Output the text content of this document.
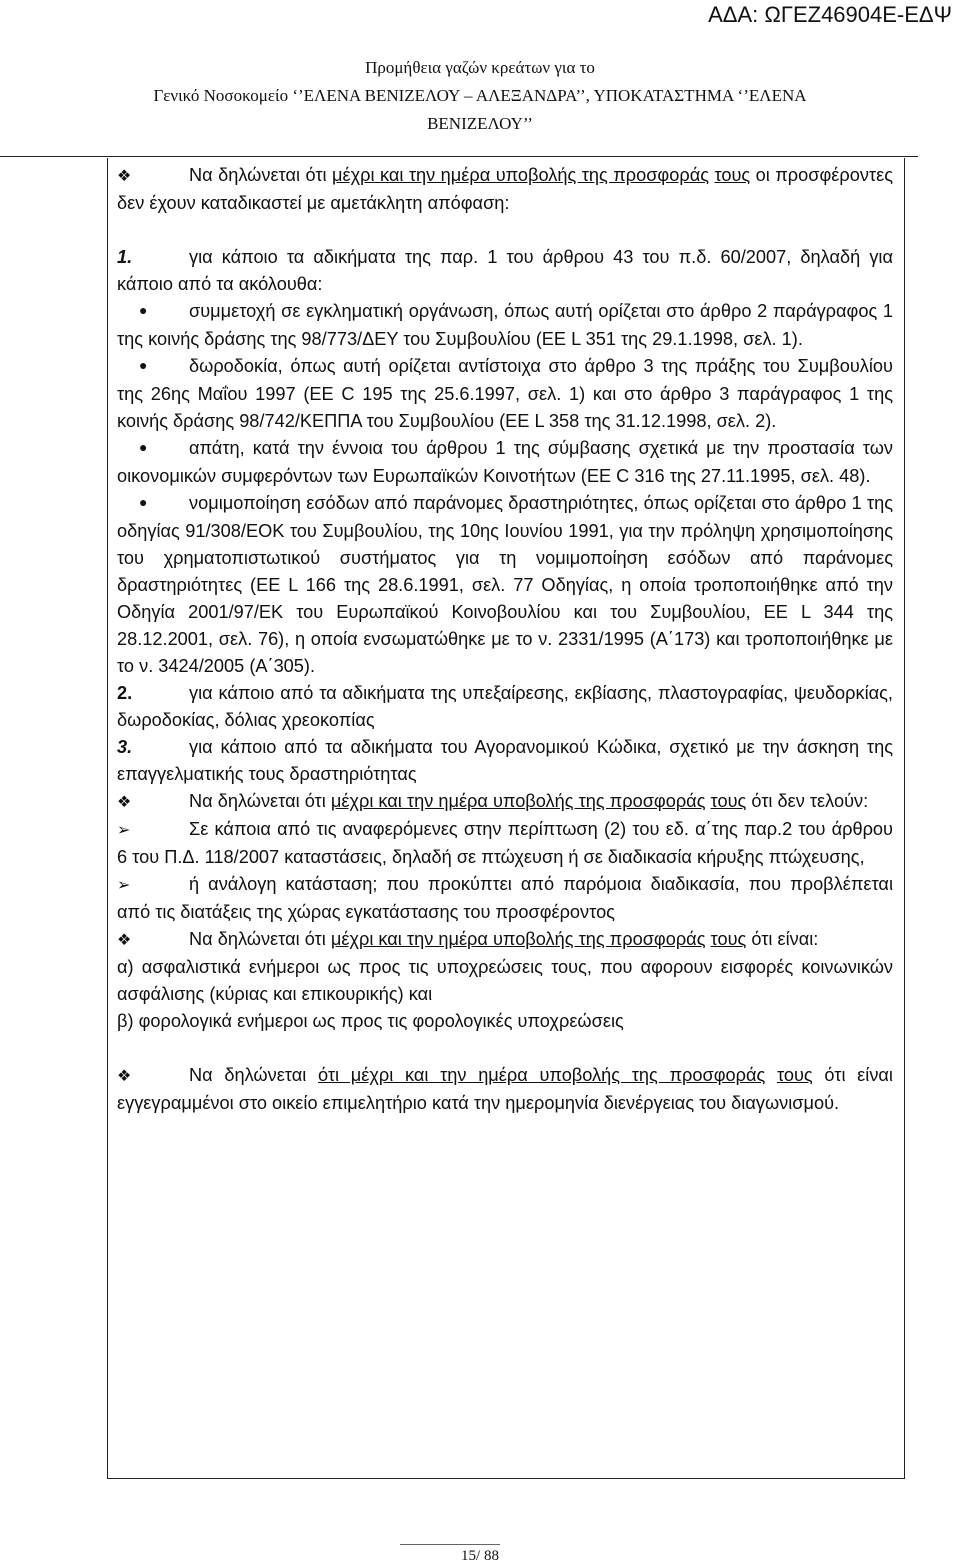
ΑΔΑ: ΩΓΕΖ46904Ε-ΕΔΨ
Προμήθεια γαζών κρεάτων για το
Γενικό Νοσοκομείο ‘’ΕΛΕΝΑ ΒΕΝΙΖΕΛΟΥ – ΑΛΕΞΑΝΔΡΑ’’, ΥΠΟΚΑΤΑΣΤΗΜΑ ‘’ΕΛΕΝΑ
ΒΕΝΙΖΕΛΟΥ’’

❖	Να δηλώνεται ότι μέχρι και την ημέρα υποβολής της προσφοράς τους οι προσφέροντες δεν έχουν καταδικαστεί με αμετάκλητη απόφαση:

1.	για κάποιο τα αδικήματα της παρ. 1 του άρθρου 43 του π.δ. 60/2007, δηλαδή για κάποιο από τα ακόλουθα:

● συμμετοχή σε εγκληματική οργάνωση, όπως αυτή ορίζεται στο άρθρο 2 παράγραφος 1 της κοινής δράσης της 98/773/ΔΕΥ του Συμβουλίου (ΕΕ L 351 της 29.1.1998, σελ. 1).

● δωροδοκία, όπως αυτή ορίζεται αντίστοιχα στο άρθρο 3 της πράξης του Συμβουλίου της 26ης Μαΐου 1997 (ΕΕ C 195 της 25.6.1997, σελ. 1) και στο άρθρο 3 παράγραφος 1 της κοινής δράσης 98/742/ΚΕΠΠΑ του Συμβουλίου (ΕΕ L 358 της 31.12.1998, σελ. 2).

● απάτη, κατά την έννοια του άρθρου 1 της σύμβασης σχετικά με την προστασία των οικονομικών συμφερόντων των Ευρωπαϊκών Κοινοτήτων (ΕΕ C 316 της 27.11.1995, σελ. 48).

● νομιμοποίηση εσόδων από παράνομες δραστηριότητες, όπως ορίζεται στο άρθρο 1 της οδηγίας 91/308/ΕΟΚ του Συμβουλίου, της 10ης Ιουνίου 1991, για την πρόληψη χρησιμοποίησης του χρηματοπιστωτικού συστήματος για τη νομιμοποίηση εσόδων από παράνομες δραστηριότητες (ΕΕ L 166 της 28.6.1991, σελ. 77 Οδηγίας, η οποία τροποποιήθηκε από την Οδηγία 2001/97/ΕΚ του Ευρωπαϊκού Κοινοβουλίου και του Συμβουλίου, ΕΕ L 344 της 28.12.2001, σελ. 76), η οποία ενσωματώθηκε με το ν. 2331/1995 (Α΄173) και τροποποιήθηκε με το ν. 3424/2005 (Α΄305).

2.	για κάποιο από τα αδικήματα της υπεξαίρεσης, εκβίασης, πλαστογραφίας, ψευδορκίας, δωροδοκίας, δόλιας χρεοκοπίας

3.	για κάποιο από τα αδικήματα του Αγορανομικού Κώδικα, σχετικό με την άσκηση της επαγγελματικής τους δραστηριότητας

❖	Να δηλώνεται ότι μέχρι και την ημέρα υποβολής της προσφοράς τους ότι δεν τελούν:

➢	Σε κάποια από τις αναφερόμενες στην περίπτωση (2) του εδ. α΄της παρ.2 του άρθρου 6 του Π.Δ. 118/2007 καταστάσεις, δηλαδή σε πτώχευση ή σε διαδικασία κήρυξης πτώχευσης,

➢	ή ανάλογη κατάσταση; που προκύπτει από παρόμοια διαδικασία, που προβλέπεται από τις διατάξεις της χώρας εγκατάστασης του προσφέροντος

❖	Να δηλώνεται ότι μέχρι και την ημέρα υποβολής της προσφοράς τους ότι είναι:

α) ασφαλιστικά ενήμεροι ως προς τις υποχρεώσεις τους, που αφορουν εισφορές κοινωνικών ασφάλισης (κύριας και επικουρικής) και

β) φορολογικά ενήμεροι ως προς τις φορολογικές υποχρεώσεις

❖	Να δηλώνεται ότι μέχρι και την ημέρα υποβολής της προσφοράς τους ότι είναι εγγεγραμμένοι στο οικείο επιμελητήριο κατά την ημερομηνία διενέργειας του διαγωνισμού.

15/ 88
